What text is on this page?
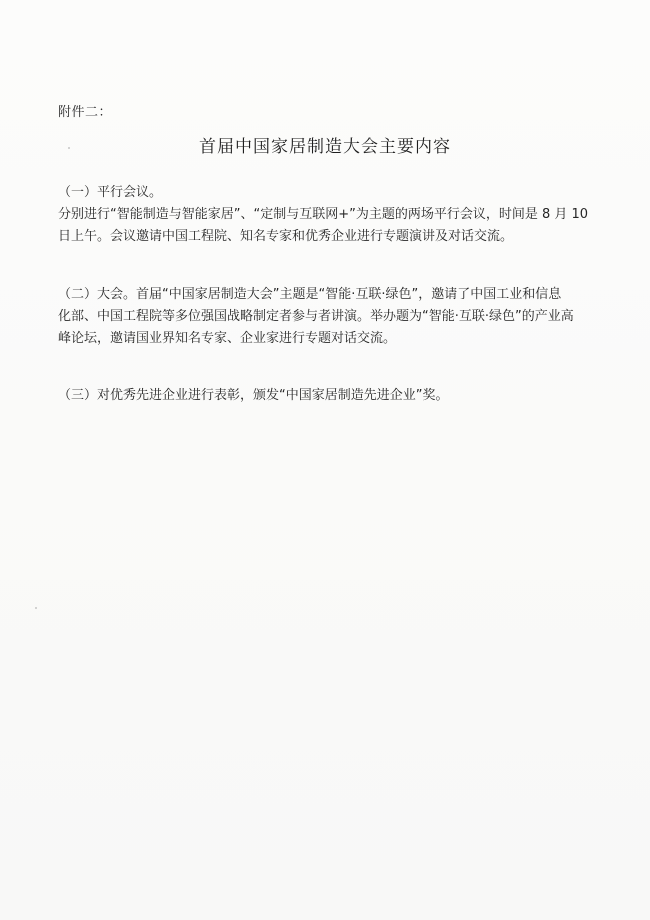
附件二：
首届中国家居制造大会主要内容
（一）平行会议。
分别进行“智能制造与智能家居”、“定制与互联网+”为主题的两场平行会议，时间是 8 月 10
日上午。会议邀请中国工程院、知名专家和优秀企业进行专题演讲及对话交流。
（二）大会。首届“中国家居制造大会”主题是“智能·互联·绿色”，邀请了中国工业和信息
化部、中国工程院等多位强国战略制定者参与者讲演。举办题为“智能·互联·绿色”的产业高
峰论坛，邀请国业界知名专家、企业家进行专题对话交流。
（三）对优秀先进企业进行表彰，颁发“中国家居制造先进企业”奖。
